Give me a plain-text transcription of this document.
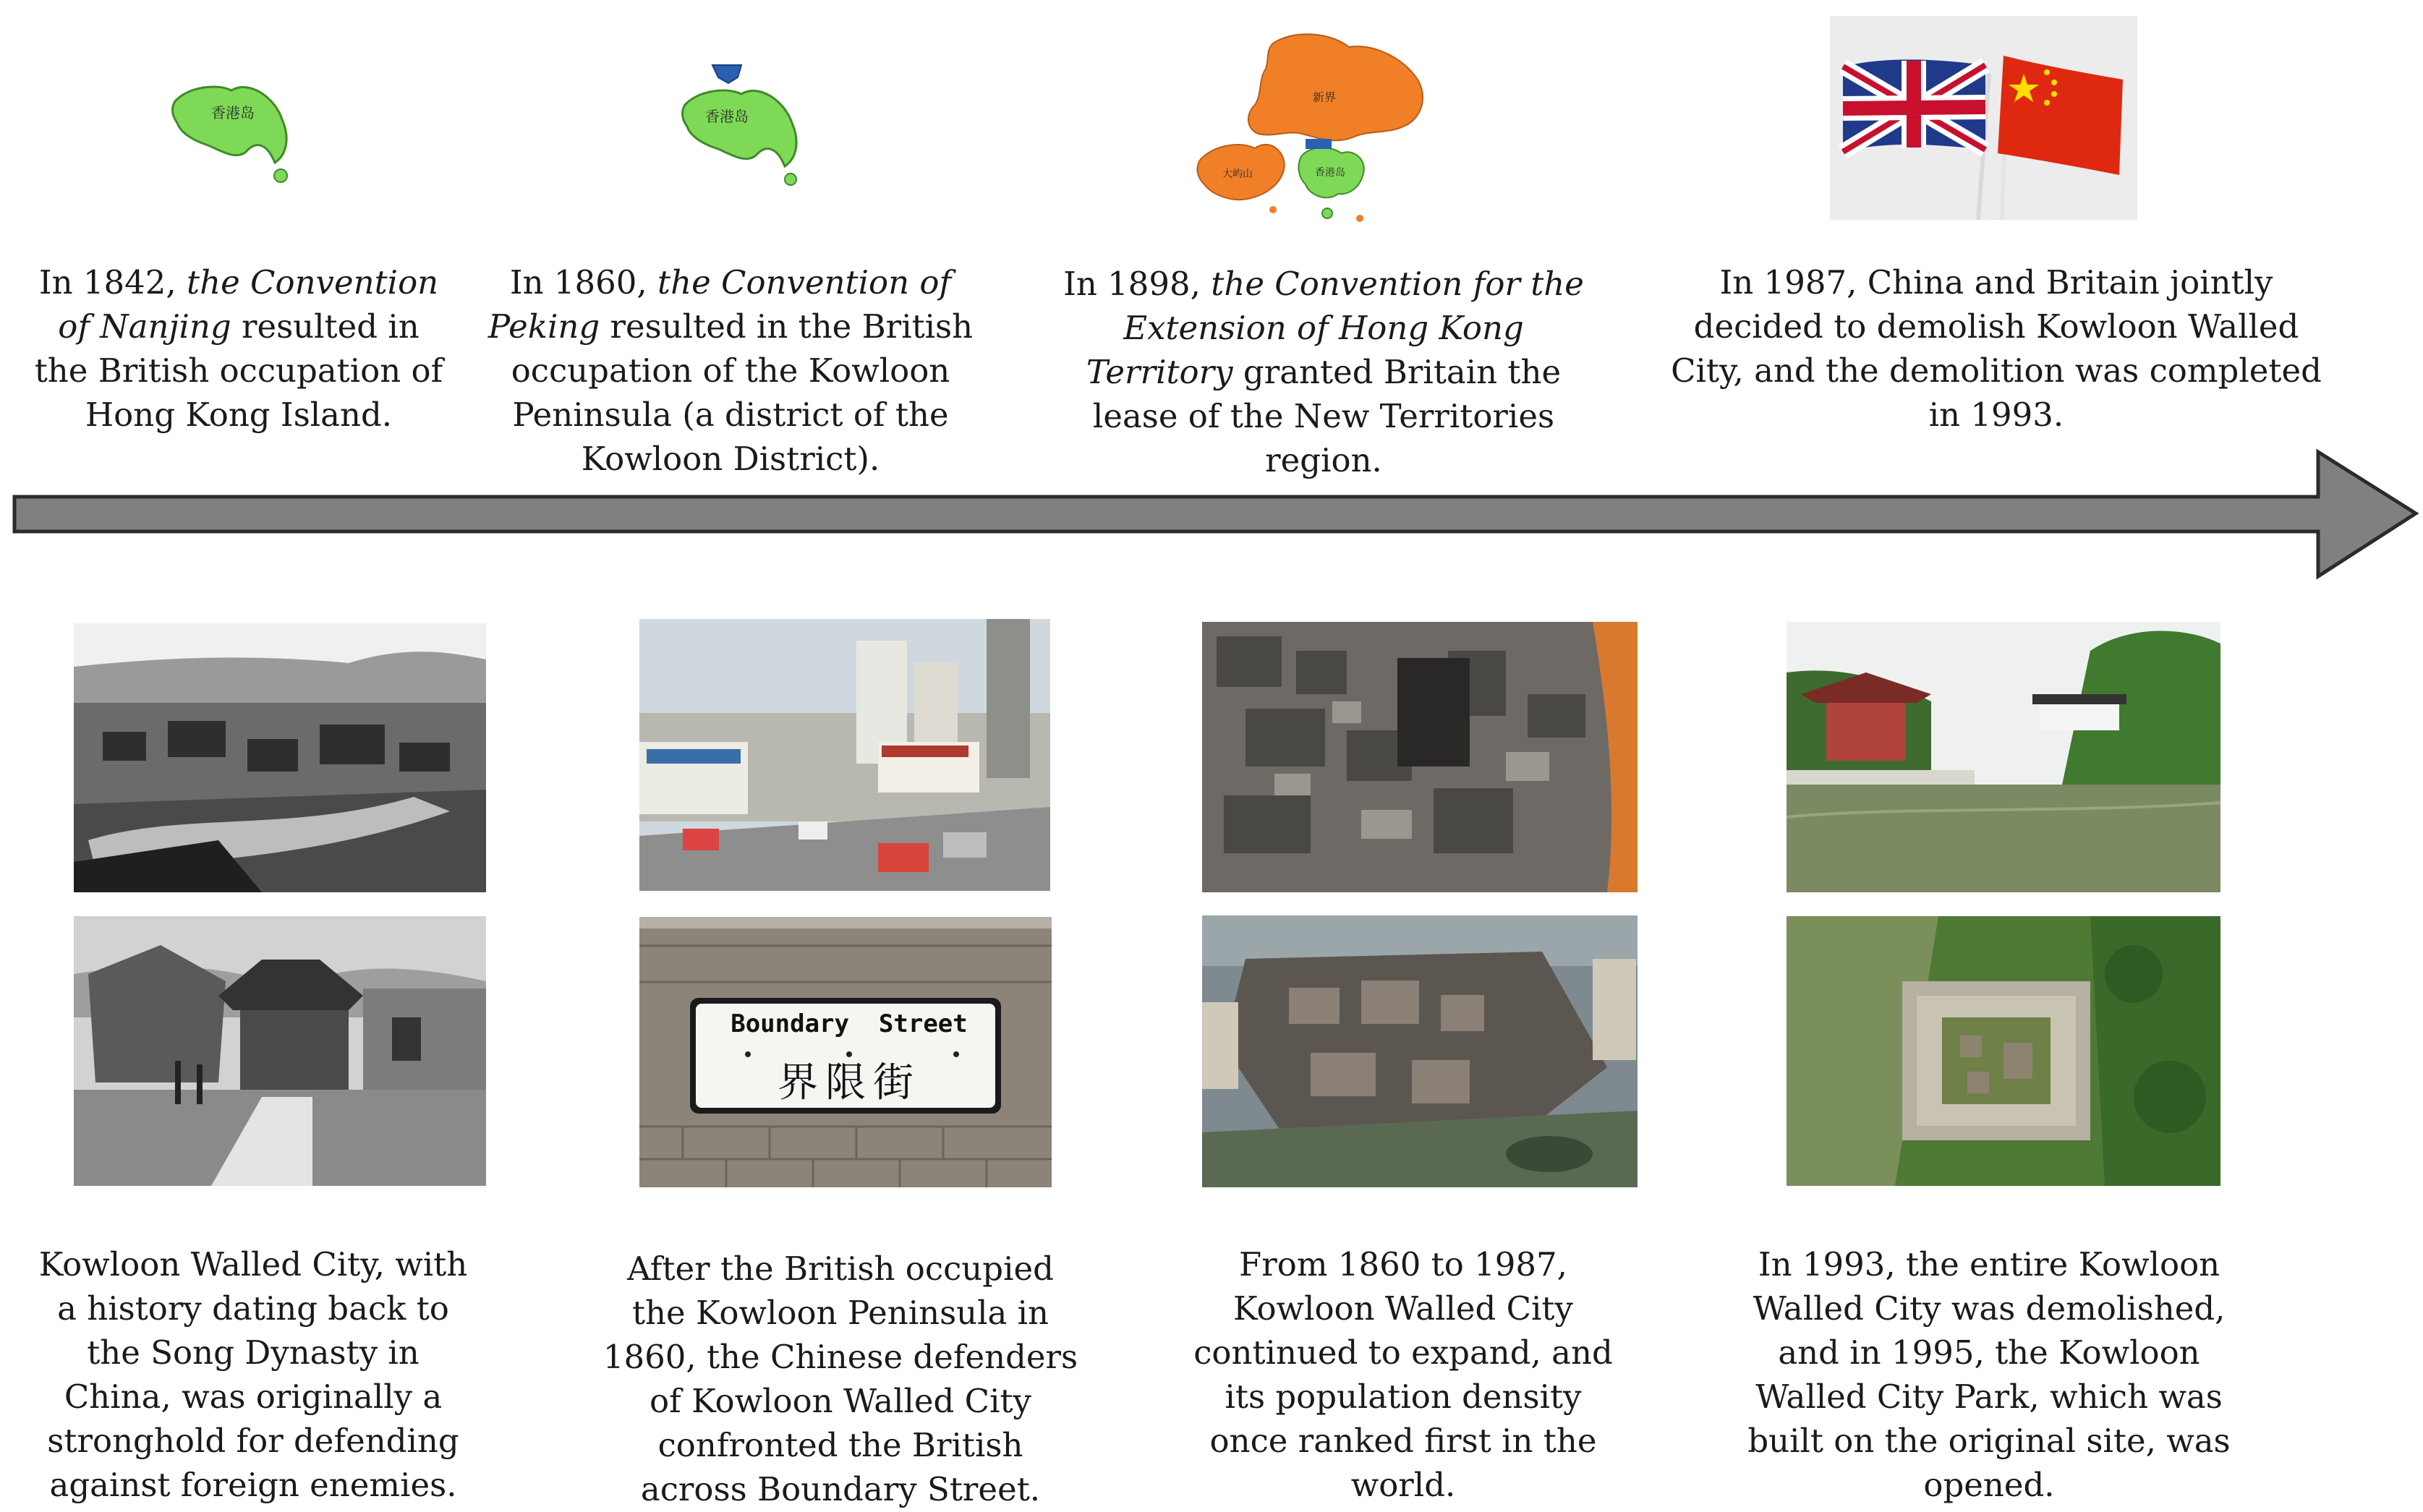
香港岛	香港岛
新界
大屿山	香港岛
In 1842, the Convention of Nanjing resulted in the British occupation of Hong Kong Island.
In 1860, the Convention of Peking resulted in the British occupation of the Kowloon Peninsula (a district of the Kowloon District).
In 1898, the Convention for the Extension of Hong Kong Territory granted Britain the lease of the New Territories region.
In 1987, China and Britain jointly decided to demolish Kowloon Walled City, and the demolition was completed in 1993.
Boundary  Street
界限街
Kowloon Walled City, with a history dating back to the Song Dynasty in China, was originally a stronghold for defending against foreign enemies.
After the British occupied the Kowloon Peninsula in 1860, the Chinese defenders of Kowloon Walled City confronted the British across Boundary Street.
From 1860 to 1987, Kowloon Walled City continued to expand, and its population density once ranked first in the world.
In 1993, the entire Kowloon Walled City was demolished, and in 1995, the Kowloon Walled City Park, which was built on the original site, was opened.
